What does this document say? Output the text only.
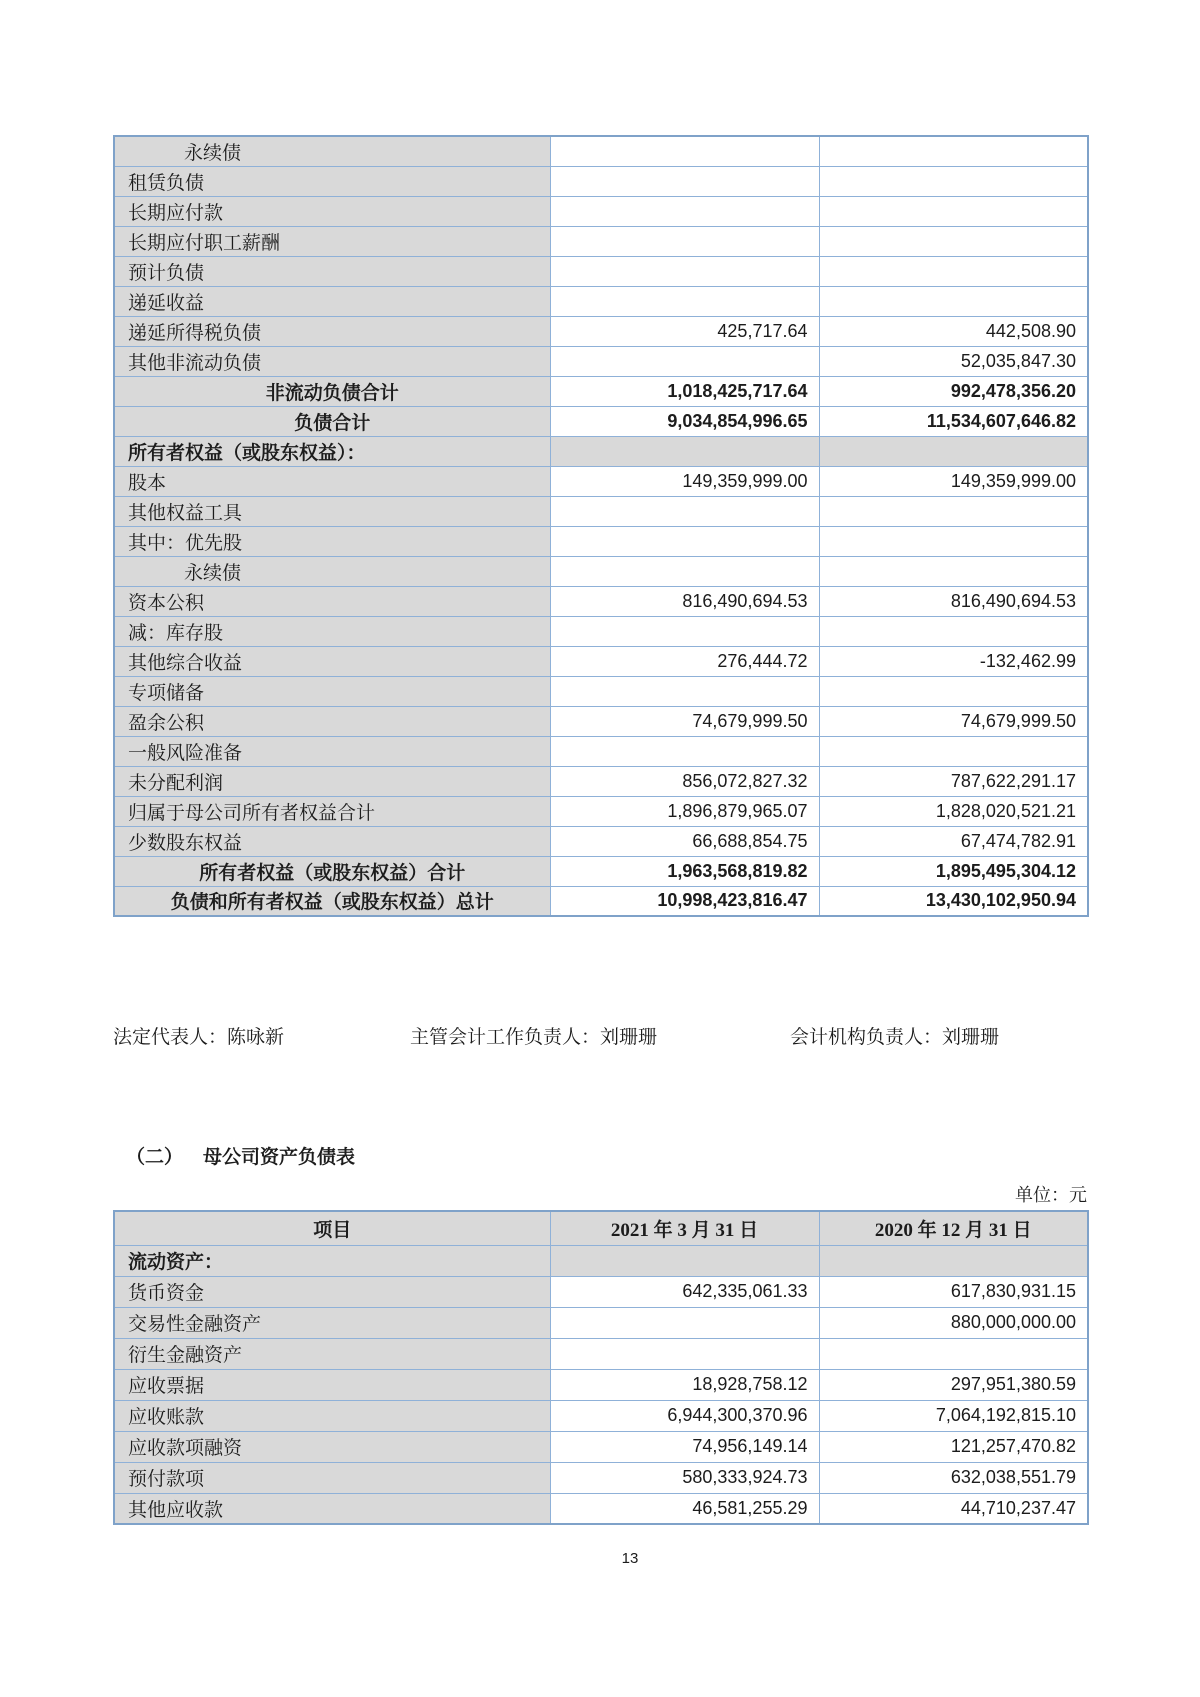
永续债		
租赁负债		
长期应付款		
长期应付职工薪酬		
预计负债		
递延收益		
递延所得税负债	425,717.64	442,508.90
其他非流动负债		52,035,847.30
非流动负债合计	1,018,425,717.64	992,478,356.20
负债合计	9,034,854,996.65	11,534,607,646.82
所有者权益（或股东权益）：		
股本	149,359,999.00	149,359,999.00
其他权益工具		
其中：优先股		
永续债		
资本公积	816,490,694.53	816,490,694.53
减：库存股		
其他综合收益	276,444.72	-132,462.99
专项储备		
盈余公积	74,679,999.50	74,679,999.50
一般风险准备		
未分配利润	856,072,827.32	787,622,291.17
归属于母公司所有者权益合计	1,896,879,965.07	1,828,020,521.21
少数股东权益	66,688,854.75	67,474,782.91
所有者权益（或股东权益）合计	1,963,568,819.82	1,895,495,304.12
负债和所有者权益（或股东权益）总计	10,998,423,816.47	13,430,102,950.94
法定代表人：陈咏新	主管会计工作负责人：刘珊珊	会计机构负责人：刘珊珊
（二） 母公司资产负债表
单位：元
项目	2021 年 3 月 31 日	2020 年 12 月 31 日
流动资产：		
货币资金	642,335,061.33	617,830,931.15
交易性金融资产		880,000,000.00
衍生金融资产		
应收票据	18,928,758.12	297,951,380.59
应收账款	6,944,300,370.96	7,064,192,815.10
应收款项融资	74,956,149.14	121,257,470.82
预付款项	580,333,924.73	632,038,551.79
其他应收款	46,581,255.29	44,710,237.47
13
